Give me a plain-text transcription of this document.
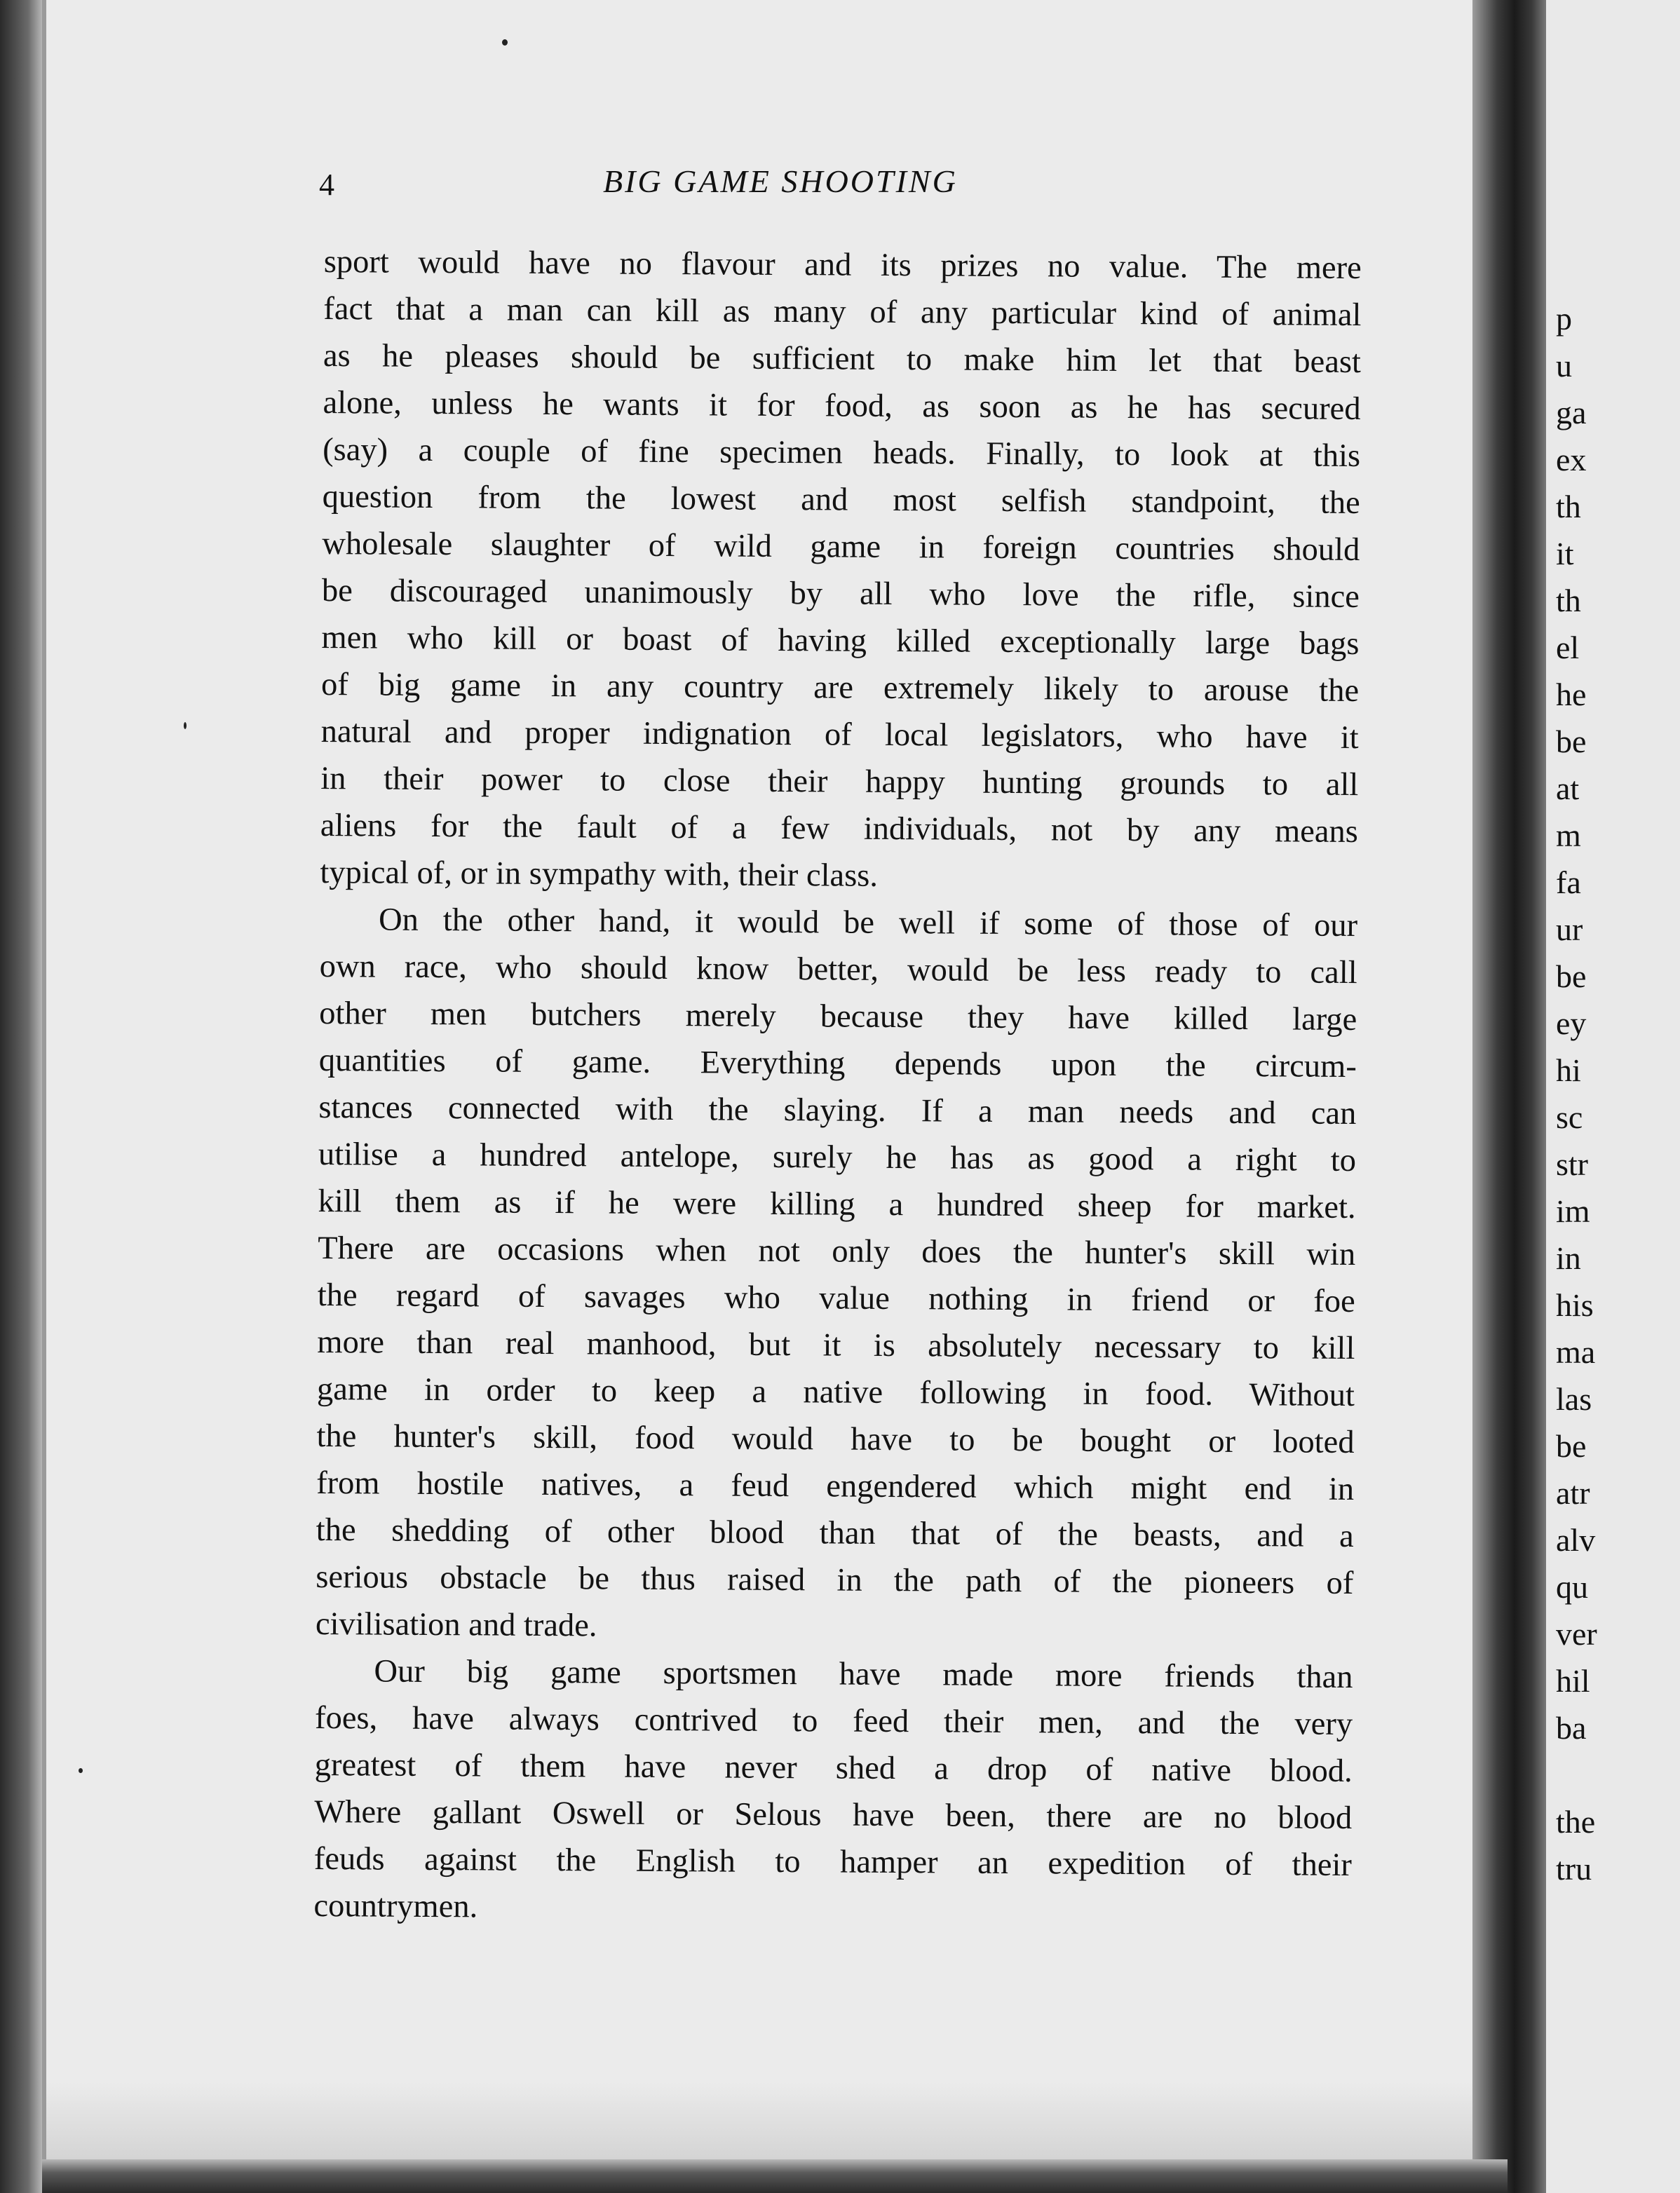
4	BIG GAME SHOOTING
sport would have no flavour and its prizes no value. The mere
fact that a man can kill as many of any particular kind of animal
as he pleases should be sufficient to make him let that beast
alone, unless he wants it for food, as soon as he has secured
(say) a couple of fine specimen heads. Finally, to look at this
question from the lowest and most selfish standpoint, the
wholesale slaughter of wild game in foreign countries should
be discouraged unanimously by all who love the rifle, since
men who kill or boast of having killed exceptionally large bags
of big game in any country are extremely likely to arouse the
natural and proper indignation of local legislators, who have it
in their power to close their happy hunting grounds to all
aliens for the fault of a few individuals, not by any means
typical of, or in sympathy with, their class.
On the other hand, it would be well if some of those of our
own race, who should know better, would be less ready to call
other men butchers merely because they have killed large
quantities of game. Everything depends upon the circum-
stances connected with the slaying. If a man needs and can
utilise a hundred antelope, surely he has as good a right to
kill them as if he were killing a hundred sheep for market.
There are occasions when not only does the hunter's skill win
the regard of savages who value nothing in friend or foe
more than real manhood, but it is absolutely necessary to kill
game in order to keep a native following in food. Without
the hunter's skill, food would have to be bought or looted
from hostile natives, a feud engendered which might end in
the shedding of other blood than that of the beasts, and a
serious obstacle be thus raised in the path of the pioneers of
civilisation and trade.
Our big game sportsmen have made more friends than
foes, have always contrived to feed their men, and the very
greatest of them have never shed a drop of native blood.
Where gallant Oswell or Selous have been, there are no blood
feuds against the English to hamper an expedition of their
countrymen.
p
u
ga
ex
th
it
th
el
he
be
at
m
fa
ur
be
ey
hi
sc
str
im
in
his
ma
las
be
atr
alv
qu
ver
hil
ba
the
tru
